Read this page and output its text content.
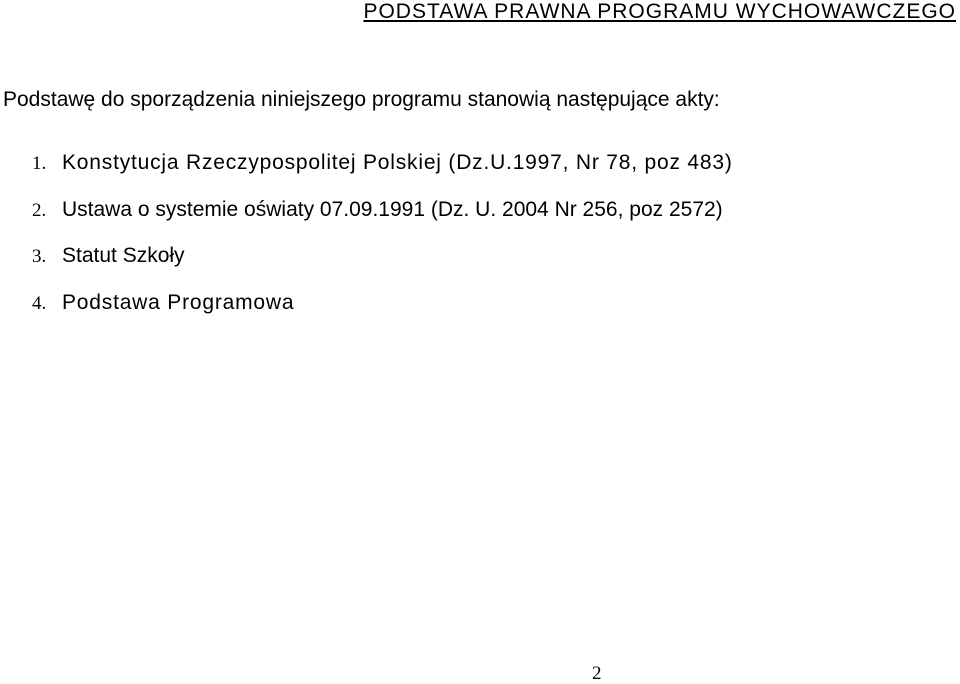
PODSTAWA PRAWNA PROGRAMU WYCHOWAWCZEGO

Podstawę do sporządzenia niniejszego programu stanowią następujące akty:

1. Konstytucja Rzeczypospolitej Polskiej (Dz.U.1997, Nr 78, poz 483)
2. Ustawa o systemie oświaty 07.09.1991 (Dz. U. 2004 Nr 256, poz 2572)
3. Statut Szkoły
4. Podstawa Programowa
2
